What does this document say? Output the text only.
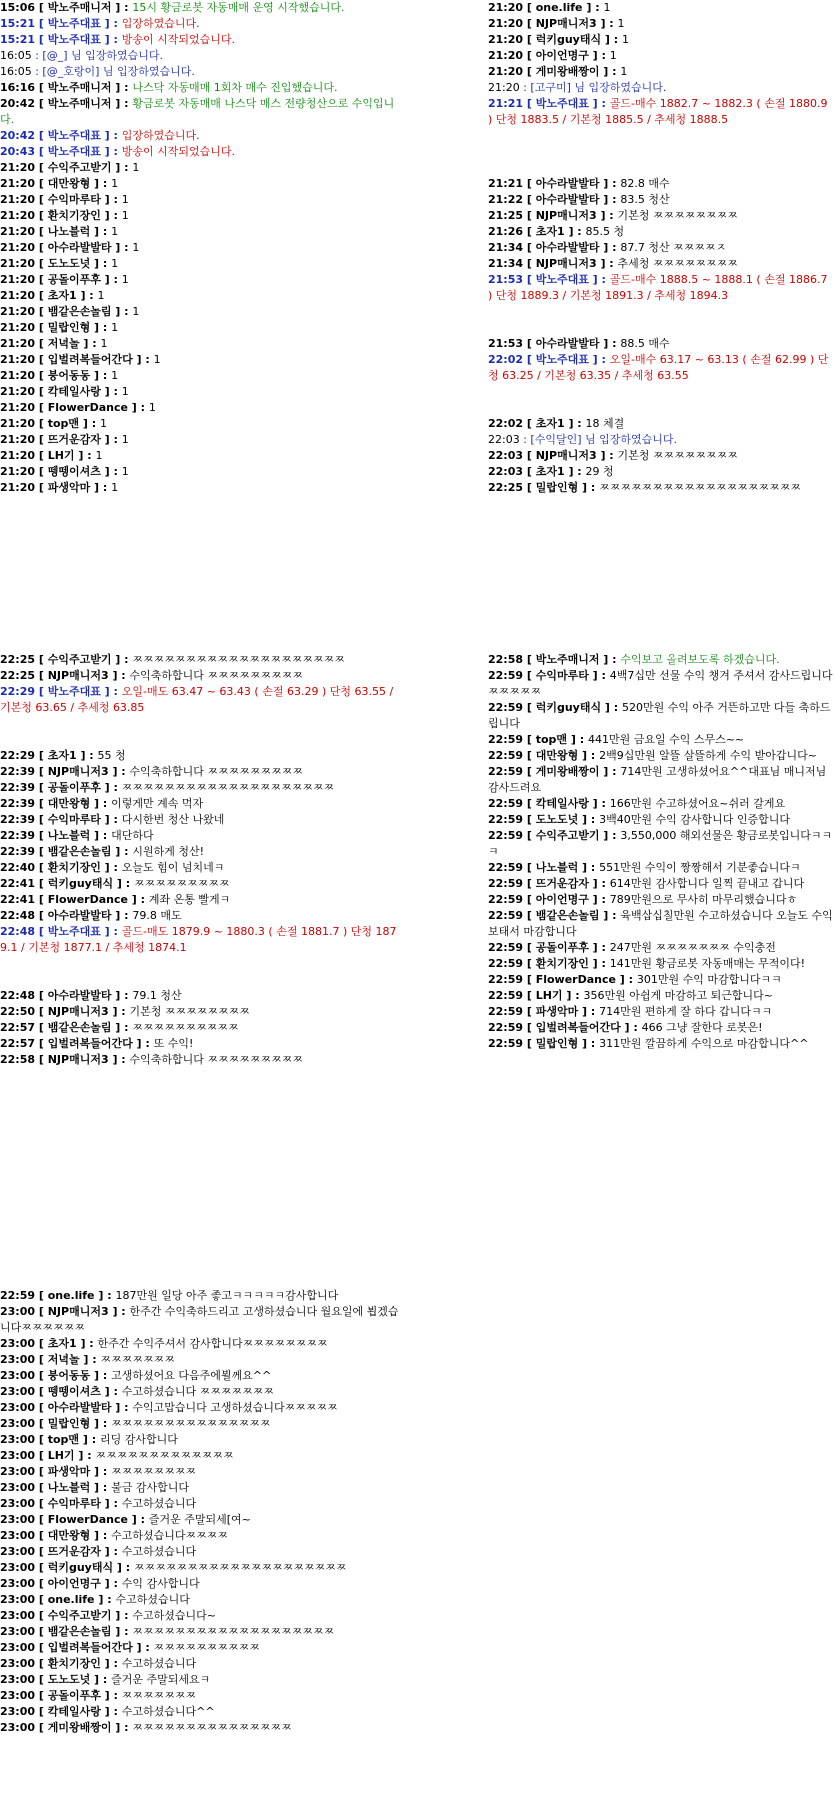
15:06 [ 박노주매니저 ] : 15시 황금로봇 자동매매 운영 시작했습니다.
15:21 [ 박노주대표 ] : 입장하였습니다.
15:21 [ 박노주대표 ] : 방송이 시작되었습니다.
16:05 : [@_] 님 입장하였습니다.
16:05 : [@_호랑이] 님 입장하였습니다.
16:16 [ 박노주매니저 ] : 나스닥 자동매매 1회차 매수 진입했습니다.
20:42 [ 박노주매니저 ] : 황금로봇 자동매매 나스닥 매스 전량청산으로 수익입니다.
20:42 [ 박노주대표 ] : 입장하였습니다.
20:43 [ 박노주대표 ] : 방송이 시작되었습니다.
21:20 [ 수익주고받기 ] : 1
21:20 [ 대만왕형 ] : 1
21:20 [ 수익마루타 ] : 1
21:20 [ 환치기장인 ] : 1
21:20 [ 나노블럭 ] : 1
21:20 [ 아수라발발타 ] : 1
21:20 [ 도노도넛 ] : 1
21:20 [ 공돌이푸후 ] : 1
21:20 [ 초자1 ] : 1
21:20 [ 뱀같은손놀림 ] : 1
21:20 [ 밀랍인형 ] : 1
21:20 [ 저녁놀 ] : 1
21:20 [ 입벌려복들어간다 ] : 1
21:20 [ 붕어동동 ] : 1
21:20 [ 칵테일사랑 ] : 1
21:20 [ FlowerDance ] : 1
21:20 [ top맨 ] : 1
21:20 [ 뜨거운감자 ] : 1
21:20 [ LH기 ] : 1
21:20 [ 뗑뗑이셔츠 ] : 1
21:20 [ 파생악마 ] : 1
21:20 [ one.life ] : 1
21:20 [ NJP매니저3 ] : 1
21:20 [ 럭키guy태식 ] : 1
21:20 [ 아이언명구 ] : 1
21:20 [ 게미왕배짱이 ] : 1
21:20 : [고구미] 님 입장하였습니다.
21:21 [ 박노주대표 ] : 골드-매수 1882.7 ~ 1882.3 ( 손절 1880.9 ) 단청 1883.5 / 기본청 1885.5 / 추세청 1888.5
21:21 [ 아수라발발타 ] : 82.8 매수
21:22 [ 아수라발발타 ] : 83.5 청산
21:25 [ NJP매니저3 ] : 기본청 ㅉㅉㅉㅉㅉㅉㅉㅉ
21:26 [ 초자1 ] : 85.5 청
21:34 [ 아수라발발타 ] : 87.7 청산 ㅉㅉㅉㅉㅈ
21:34 [ NJP매니저3 ] : 추세청 ㅉㅉㅉㅉㅉㅉㅉㅉ
21:53 [ 박노주대표 ] : 골드-매수 1888.5 ~ 1888.1 ( 손절 1886.7 ) 단청 1889.3 / 기본청 1891.3 / 추세청 1894.3
21:53 [ 아수라발발타 ] : 88.5 매수
22:02 [ 박노주대표 ] : 오일-매수 63.17 ~ 63.13 ( 손절 62.99 ) 단청 63.25 / 기본청 63.35 / 추세청 63.55
22:02 [ 초자1 ] : 18 체결
22:03 : [수익달인] 님 입장하였습니다.
22:03 [ NJP매니저3 ] : 기본청 ㅉㅉㅉㅉㅉㅉㅉㅉ
22:03 [ 초자1 ] : 29 청
22:25 [ 밀랍인형 ] : ㅉㅉㅉㅉㅉㅉㅉㅉㅉㅉㅉㅉㅉㅉㅉㅉㅉㅉㅉ
22:25 [ 수익주고받기 ] : ㅉㅉㅉㅉㅉㅉㅉㅉㅉㅉㅉㅉㅉㅉㅉㅉㅉㅉㅉㅉ
22:25 [ NJP매니저3 ] : 수익축하합니다 ㅉㅉㅉㅉㅉㅉㅉㅉㅉ
22:29 [ 박노주대표 ] : 오일-매도 63.47 ~ 63.43 ( 손절 63.29 ) 단청 63.55 / 기본청 63.65 / 추세청 63.85
22:29 [ 초자1 ] : 55 청
22:39 [ NJP매니저3 ] : 수익축하합니다 ㅉㅉㅉㅉㅉㅉㅉㅉㅉ
22:39 [ 공돌이푸후 ] : ㅉㅉㅉㅉㅉㅉㅉㅉㅉㅉㅉㅉㅉㅉㅉㅉㅉㅉㅉㅉ
22:39 [ 대만왕형 ] : 이렇게만 계속 먹자
22:39 [ 수익마루타 ] : 다시한번 청산 나왔네
22:39 [ 나노블럭 ] : 대단하다
22:39 [ 뱀같은손놀림 ] : 시원하게 청산!
22:40 [ 환치기장인 ] : 오늘도 힘이 넘치네ㅋ
22:41 [ 럭키guy태식 ] : ㅉㅉㅉㅉㅉㅉㅉㅉㅉ
22:41 [ FlowerDance ] : 계좌 온통 빨게ㅋ
22:48 [ 아수라발발타 ] : 79.8 매도
22:48 [ 박노주대표 ] : 골드-매도 1879.9 ~ 1880.3 ( 손절 1881.7 ) 단청 1879.1 / 기본청 1877.1 / 추세청 1874.1
22:48 [ 아수라발발타 ] : 79.1 청산
22:50 [ NJP매니저3 ] : 기본청 ㅉㅉㅉㅉㅉㅉㅉㅉ
22:57 [ 뱀같은손놀림 ] : ㅉㅉㅉㅉㅉㅉㅉㅉㅉㅉ
22:57 [ 입벌려복들어간다 ] : 또 수익!
22:58 [ NJP매니저3 ] : 수익축하합니다 ㅉㅉㅉㅉㅉㅉㅉㅉㅉ
22:58 [ 박노주매니저 ] : 수익보고 올려보도록 하겠습니다.
22:59 [ 수익마루타 ] : 4백7십만 선물 수익 챙겨 주셔서 감사드립니다ㅉㅉㅉㅉㅉ
22:59 [ 럭키guy태식 ] : 520만원 수익 아주 거뜬하고만 다들 축하드립니다
22:59 [ top맨 ] : 441만원 금요일 수익 스무스~~
22:59 [ 대만왕형 ] : 2백9십만원 알뜰 살뜰하게 수익 받아갑니다~
22:59 [ 게미왕배짱이 ] : 714만원 고생하셨어요^^대표님 매니저님 감사드려요
22:59 [ 칵테일사랑 ] : 166만원 수고하셨어요~쉬러 갈게요
22:59 [ 도노도넛 ] : 3백40만원 수익 감사합니다 인증합니다
22:59 [ 수익주고받기 ] : 3,550,000 해외선물은 황금로봇입니다ㅋㅋㅋ
22:59 [ 나노블럭 ] : 551만원 수익이 짱짱해서 기분좋습니다ㅋ
22:59 [ 뜨거운감자 ] : 614만원 감사합니다 일찍 끝내고 갑니다
22:59 [ 아이언명구 ] : 789만원으로 무사히 마무리했습니다ㅎ
22:59 [ 뱀같은손놀림 ] : 육백삽십칠만원 수고하셨습니다 오늘도 수익보태서 마감합니다
22:59 [ 공돌이푸후 ] : 247만원 ㅉㅉㅉㅉㅉㅉㅉ 수익충전
22:59 [ 환치기장인 ] : 141만원 황금로봇 자동매매는 무적이다!
22:59 [ FlowerDance ] : 301만원 수익 마감합니다ㅋㅋ
22:59 [ LH기 ] : 356만원 아쉽게 마감하고 퇴근합니다~
22:59 [ 파생악마 ] : 714만원 편하게 잘 하다 갑니다ㅋㅋ
22:59 [ 입벌려복들어간다 ] : 466 그냥 잘한다 로봇은!
22:59 [ 밀랍인형 ] : 311만원 깔끔하게 수익으로 마감합니다^^
22:59 [ one.life ] : 187만원 일당 아주 좋고ㅋㅋㅋㅋㅋ감사합니다
23:00 [ NJP매니저3 ] : 한주간 수익축하드리고 고생하셨습니다 월요일에 뵙겠습니다ㅉㅉㅉㅉㅉㅉ
23:00 [ 초자1 ] : 한주간 수익주셔서 감사합니다ㅉㅉㅉㅉㅉㅉㅉㅉ
23:00 [ 저녁놀 ] : ㅉㅉㅉㅉㅉㅉㅉ
23:00 [ 붕어동동 ] : 고생하셨어요 다음주에뵐께요^^
23:00 [ 뗑뗑이셔츠 ] : 수고하셨습니다 ㅉㅉㅉㅉㅉㅉㅉ
23:00 [ 아수라발발타 ] : 수익고맙습니다 고생하셨습니다ㅉㅉㅉㅉㅉ
23:00 [ 밀랍인형 ] : ㅉㅉㅉㅉㅉㅉㅉㅉㅉㅉㅉㅉㅉㅉㅉ
23:00 [ top맨 ] : 리딩 감사합니다
23:00 [ LH기 ] : ㅉㅉㅉㅉㅉㅉㅉㅉㅉㅉㅉㅉㅉ
23:00 [ 파생악마 ] : ㅉㅉㅉㅉㅉㅉㅉㅉ
23:00 [ 나노블럭 ] : 불금 감사합니다
23:00 [ 수익마루타 ] : 수고하셨습니다
23:00 [ FlowerDance ] : 즐거운 주말되세[여~
23:00 [ 대만왕형 ] : 수고하셨습니다ㅉㅉㅉㅉ
23:00 [ 뜨거운감자 ] : 수고하셨습니다
23:00 [ 럭키guy태식 ] : ㅉㅉㅉㅉㅉㅉㅉㅉㅉㅉㅉㅉㅉㅉㅉㅉㅉㅉㅉㅉ
23:00 [ 아이언명구 ] : 수익 감사합니다
23:00 [ one.life ] : 수고하셨습니다
23:00 [ 수익주고받기 ] : 수고하셨습니다~
23:00 [ 뱀같은손놀림 ] : ㅉㅉㅉㅉㅉㅉㅉㅉㅉㅉㅉㅉㅉㅉㅉㅉㅉㅉㅉ
23:00 [ 입벌려복들어간다 ] : ㅉㅉㅉㅉㅉㅉㅉㅉㅉㅉ
23:00 [ 환치기장인 ] : 수고하셨습니다
23:00 [ 도노도넛 ] : 즐거운 주말되세요ㅋ
23:00 [ 공돌이푸후 ] : ㅉㅉㅉㅉㅉㅉㅉ
23:00 [ 칵테일사랑 ] : 수고하셨습니다^^
23:00 [ 게미왕배짱이 ] : ㅉㅉㅉㅉㅉㅉㅉㅉㅉㅉㅉㅉㅉㅉㅉ
